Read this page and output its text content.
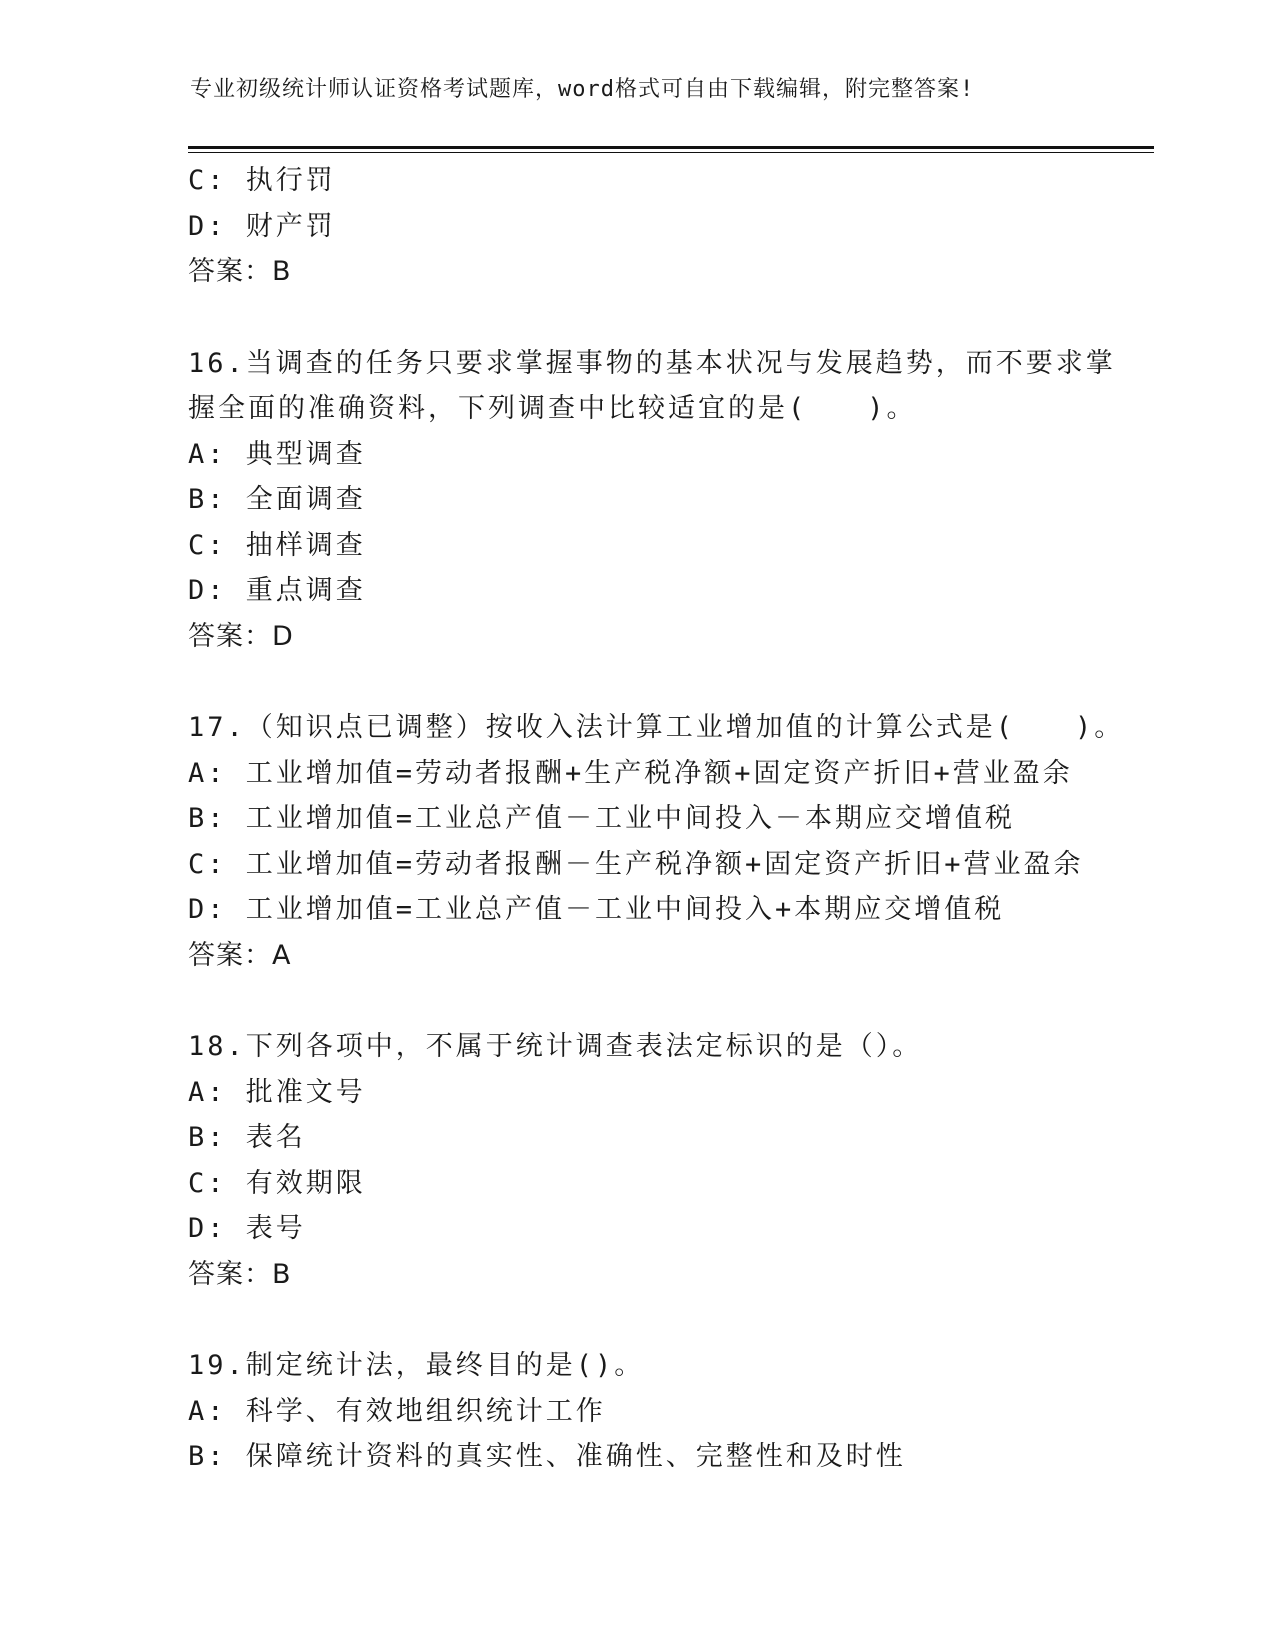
专业初级统计师认证资格考试题库，word格式可自由下载编辑，附完整答案!
C: 执行罚
D: 财产罚
答案：B
16.当调查的任务只要求掌握事物的基本状况与发展趋势，而不要求掌
握全面的准确资料，下列调查中比较适宜的是(　　)。
A: 典型调查
B: 全面调查
C: 抽样调查
D: 重点调查
答案：D
17.（知识点已调整）按收入法计算工业增加值的计算公式是(　　)。
A: 工业增加值=劳动者报酬+生产税净额+固定资产折旧+营业盈余
B: 工业增加值=工业总产值－工业中间投入－本期应交增值税
C: 工业增加值=劳动者报酬－生产税净额+固定资产折旧+营业盈余
D: 工业增加值=工业总产值－工业中间投入+本期应交增值税
答案：A
18.下列各项中，不属于统计调查表法定标识的是（）。
A: 批准文号
B: 表名
C: 有效期限
D: 表号
答案：B
19.制定统计法，最终目的是()。
A: 科学、有效地组织统计工作
B: 保障统计资料的真实性、准确性、完整性和及时性
